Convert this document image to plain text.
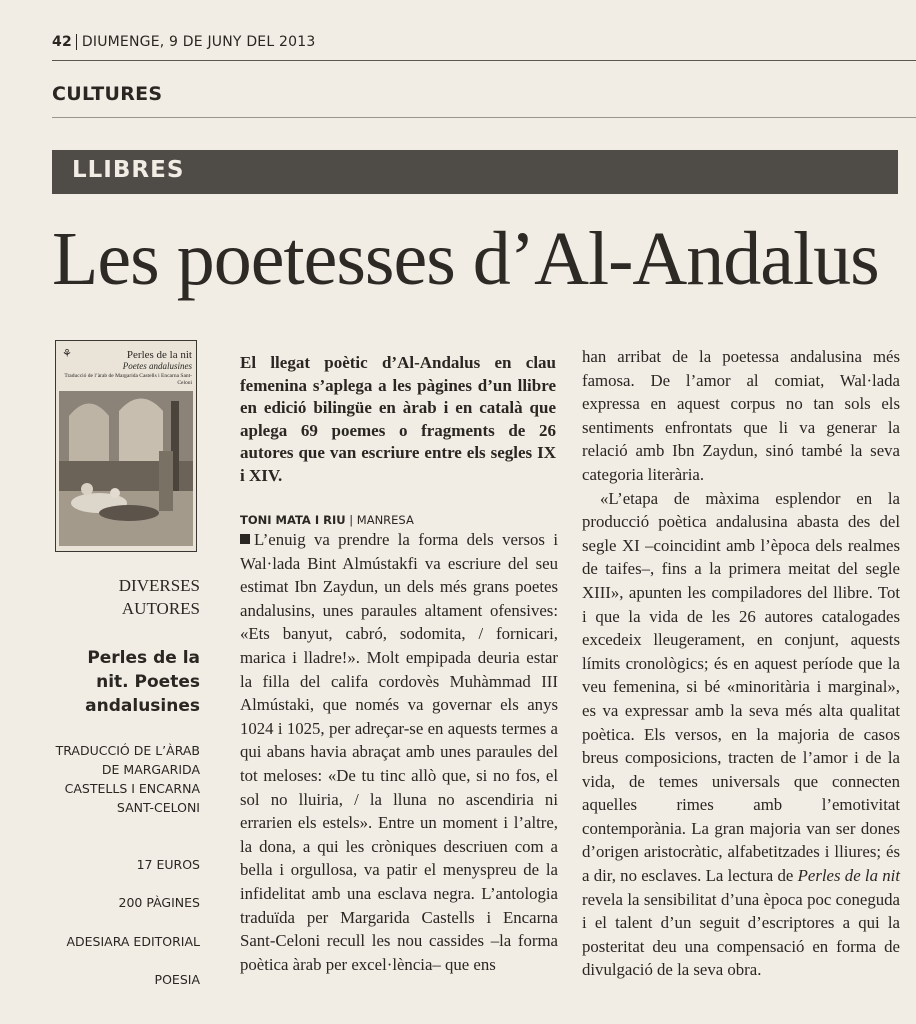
42 DIUMENGE, 9 DE JUNY DEL 2013
CULTURES
LLIBRES
Les poetesses d’Al-Andalus
⚘	Perles de la nit
Poetes andalusines
Traducció de l’àrab de Margarida Castells i Encarna Sant-Celoni
DIVERSES AUTORES
Perles de la nit. Poetes andalusines
TRADUCCIÓ DE L’ÀRAB DE MARGARIDA CASTELLS I ENCARNA SANT-CELONI
17 EUROS
200 PÀGINES
ADESIARA EDITORIAL
POESIA

El llegat poètic d’Al-Andalus en clau femenina s’aplega a les pàgines d’un llibre en edició bilingüe en àrab i en català que aplega 69 poemes o fragments de 26 autores que van escriure entre els segles IX i XIV.

TONI MATA I RIU | MANRESA

L’enuig va prendre la forma dels versos i Wal·lada Bint Almústakfi va escriure del seu estimat Ibn Zaydun, un dels més grans poetes andalusins, unes paraules altament ofensives: «Ets banyut, cabró, sodomita, / fornicari, marica i lladre!». Molt empipada deuria estar la filla del califa cordovès Muhàmmad III Almústaki, que només va governar els anys 1024 i 1025, per adreçar-se en aquests termes a qui abans havia abraçat amb unes paraules del tot meloses: «De tu tinc allò que, si no fos, el sol no lluiria, / la lluna no ascendiria ni errarien els estels». Entre un moment i l’altre, la dona, a qui les cròniques descriuen com a bella i orgullosa, va patir el menyspreu de la infidelitat amb una esclava negra. L’antologia traduïda per Margarida Castells i Encarna Sant-Celoni recull les nou cassides –la forma poètica àrab per excel·lència– que ens

han arribat de la poetessa andalusina més famosa. De l’amor al comiat, Wal·lada expressa en aquest corpus no tan sols els sentiments enfrontats que li va generar la relació amb Ibn Zaydun, sinó també la seva categoria literària.

«L’etapa de màxima esplendor en la producció poètica andalusina abasta des del segle XI –coincidint amb l’època dels realmes de taifes–, fins a la primera meitat del segle XIII», apunten les compiladores del llibre. Tot i que la vida de les 26 autores catalogades excedeix lleugerament, en conjunt, aquests límits cronològics; és en aquest període que la veu femenina, si bé «minoritària i marginal», es va expressar amb la seva més alta qualitat poètica. Els versos, en la majoria de casos breus composicions, tracten de l’amor i de la vida, de temes universals que connecten aquelles rimes amb l’emotivitat contemporània. La gran majoria van ser dones d’origen aristocràtic, alfabetitzades i lliures; és a dir, no esclaves. La lectura de Perles de la nit revela la sensibilitat d’una època poc coneguda i el talent d’un seguit d’escriptores a qui la posteritat deu una compensació en forma de divulgació de la seva obra.
